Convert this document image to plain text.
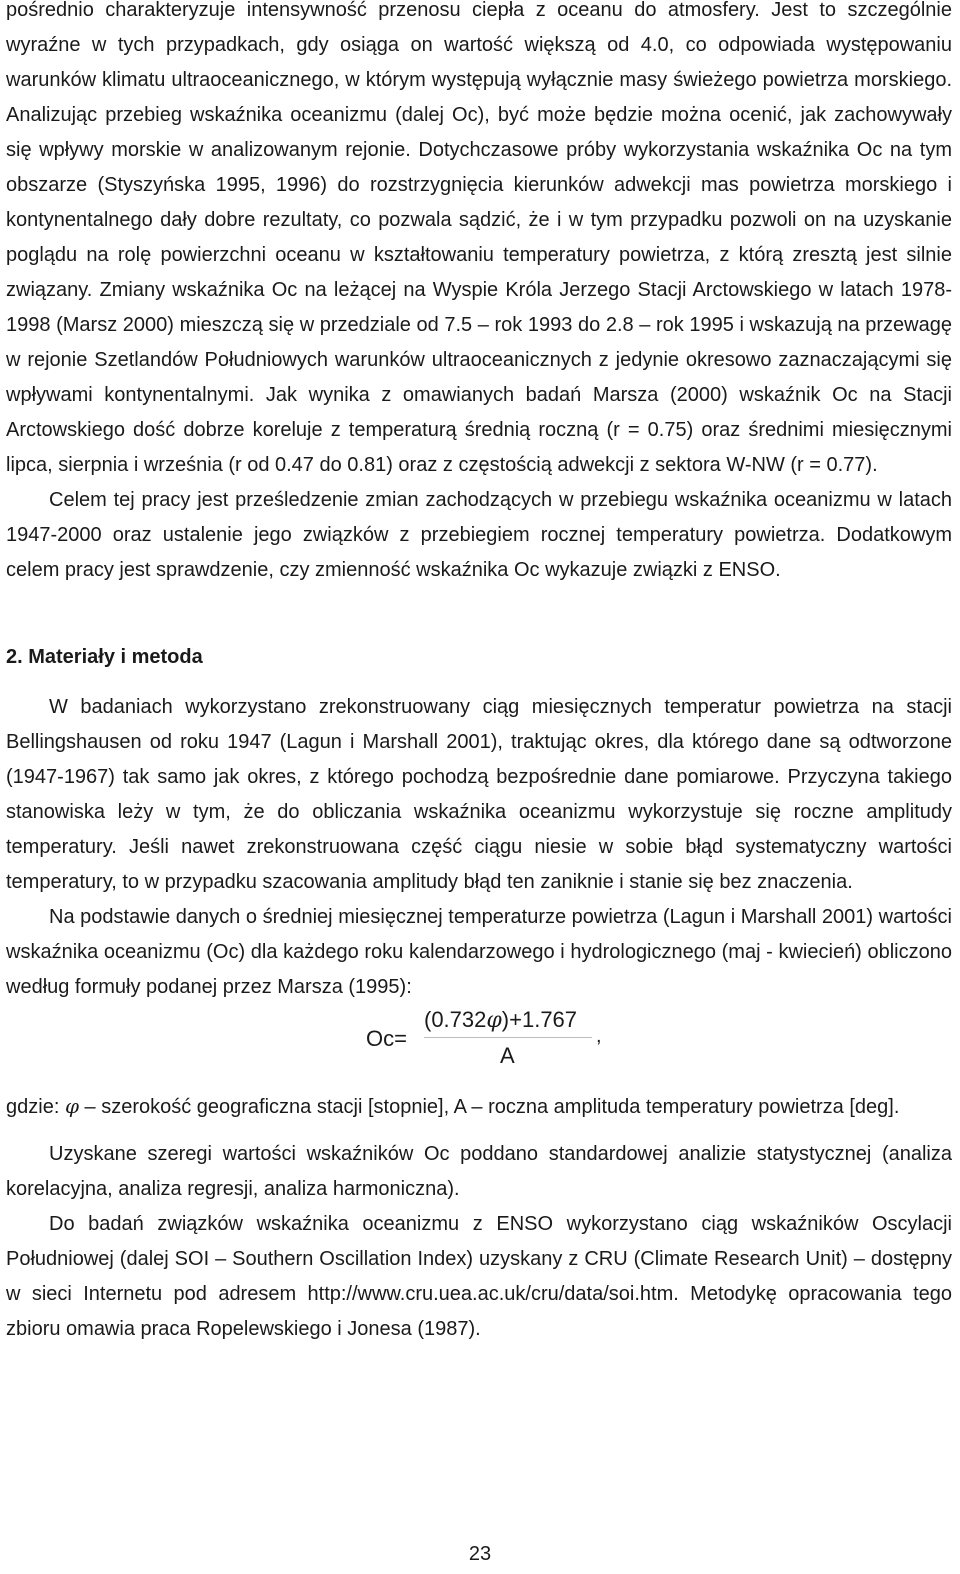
pośrednio charakteryzuje intensywność przenosu ciepła z oceanu do atmosfery. Jest to szczególnie wyraźne w tych przypadkach, gdy osiąga on wartość większą od 4.0, co odpowiada występowaniu warunków klimatu ultraoceanicznego, w którym występują wyłącznie masy świeżego powietrza morskiego. Analizując przebieg wskaźnika oceanizmu (dalej Oc), być może będzie można ocenić, jak zachowywały się wpływy morskie w analizowanym rejonie. Dotychczasowe próby wykorzystania wskaźnika Oc na tym obszarze (Styszyńska 1995, 1996) do rozstrzygnięcia kierunków adwekcji mas powietrza morskiego i kontynentalnego dały dobre rezultaty, co pozwala sądzić, że i w tym przypadku pozwoli on na uzyskanie poglądu na rolę powierzchni oceanu w kształtowaniu temperatury powietrza, z którą zresztą jest silnie związany. Zmiany wskaźnika Oc na leżącej na Wyspie Króla Jerzego Stacji Arctowskiego w latach 1978-1998 (Marsz 2000) mieszczą się w przedziale od 7.5 – rok 1993 do 2.8 – rok 1995 i wskazują na przewagę w rejonie Szetlandów Południowych warunków ultraoceanicznych z jedynie okresowo zaznaczającymi się wpływami kontynentalnymi. Jak wynika z omawianych badań Marsza (2000) wskaźnik Oc na Stacji Arctowskiego dość dobrze koreluje z temperaturą średnią roczną (r = 0.75) oraz średnimi miesięcznymi lipca, sierpnia i września (r od 0.47 do 0.81) oraz z częstością adwekcji z sektora W-NW (r = 0.77).

Celem tej pracy jest prześledzenie zmian zachodzących w przebiegu wskaźnika oceanizmu w latach 1947-2000 oraz ustalenie jego związków z przebiegiem rocznej temperatury powietrza. Dodatkowym celem pracy jest sprawdzenie, czy zmienność wskaźnika Oc wykazuje związki z ENSO.

2. Materiały i metoda

W badaniach wykorzystano zrekonstruowany ciąg miesięcznych temperatur powietrza na stacji Bellingshausen od roku 1947 (Lagun i Marshall 2001), traktując okres, dla którego dane są odtworzone (1947-1967) tak samo jak okres, z którego pochodzą bezpośrednie dane pomiarowe. Przyczyna takiego stanowiska leży w tym, że do obliczania wskaźnika oceanizmu wykorzystuje się roczne amplitudy temperatury. Jeśli nawet zrekonstruowana część ciągu niesie w sobie błąd systematyczny wartości temperatury, to w przypadku szacowania amplitudy błąd ten zaniknie i stanie się bez znaczenia.

Na podstawie danych o średniej miesięcznej temperaturze powietrza (Lagun i Marshall 2001) wartości wskaźnika oceanizmu (Oc) dla każdego roku kalendarzowego i hydrologicznego (maj - kwiecień) obliczono według formuły podanej przez Marsza (1995):

Oc=
(0.732φ)+1.767
A
,

gdzie: φ – szerokość geograficzna stacji [stopnie], A – roczna amplituda temperatury powietrza [deg].

Uzyskane szeregi wartości wskaźników Oc poddano standardowej analizie statystycznej (analiza korelacyjna, analiza regresji, analiza harmoniczna).

Do badań związków wskaźnika oceanizmu z ENSO wykorzystano ciąg wskaźników Oscylacji Południowej (dalej SOI – Southern Oscillation Index) uzyskany z CRU (Climate Research Unit) – dostępny w sieci Internetu pod adresem http://www.cru.uea.ac.uk/cru/data/soi.htm. Metodykę opracowania tego zbioru omawia praca Ropelewskiego i Jonesa (1987).

23
